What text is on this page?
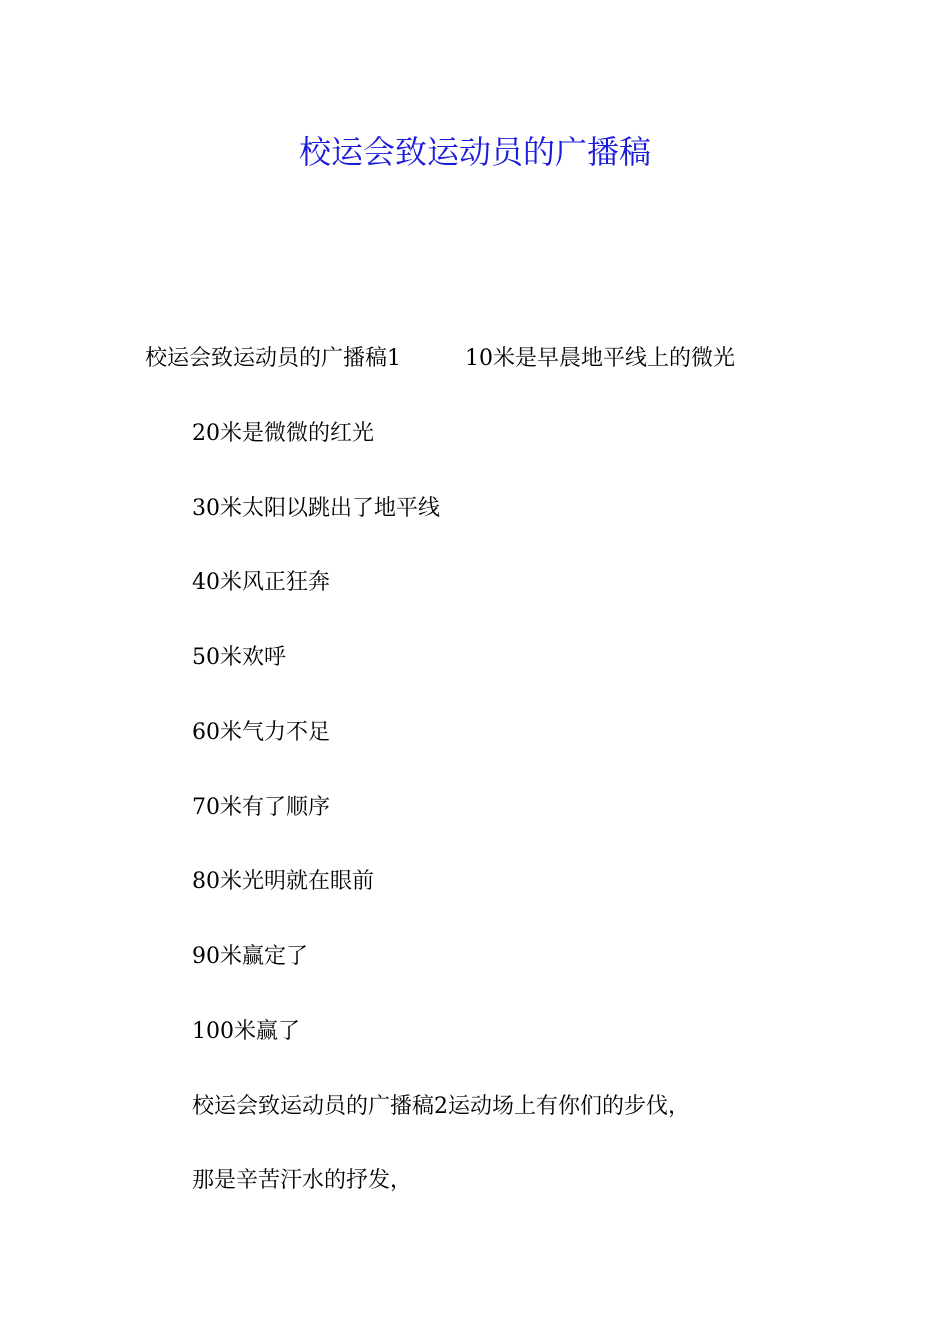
校运会致运动员的广播稿
校运会致运动员的广播稿1	10米是早晨地平线上的微光
20米是微微的红光
30米太阳以跳出了地平线
40米风正狂奔
50米欢呼
60米气力不足
70米有了顺序
80米光明就在眼前
90米赢定了
100米赢了
校运会致运动员的广播稿2运动场上有你们的步伐，
那是辛苦汗水的抒发，
